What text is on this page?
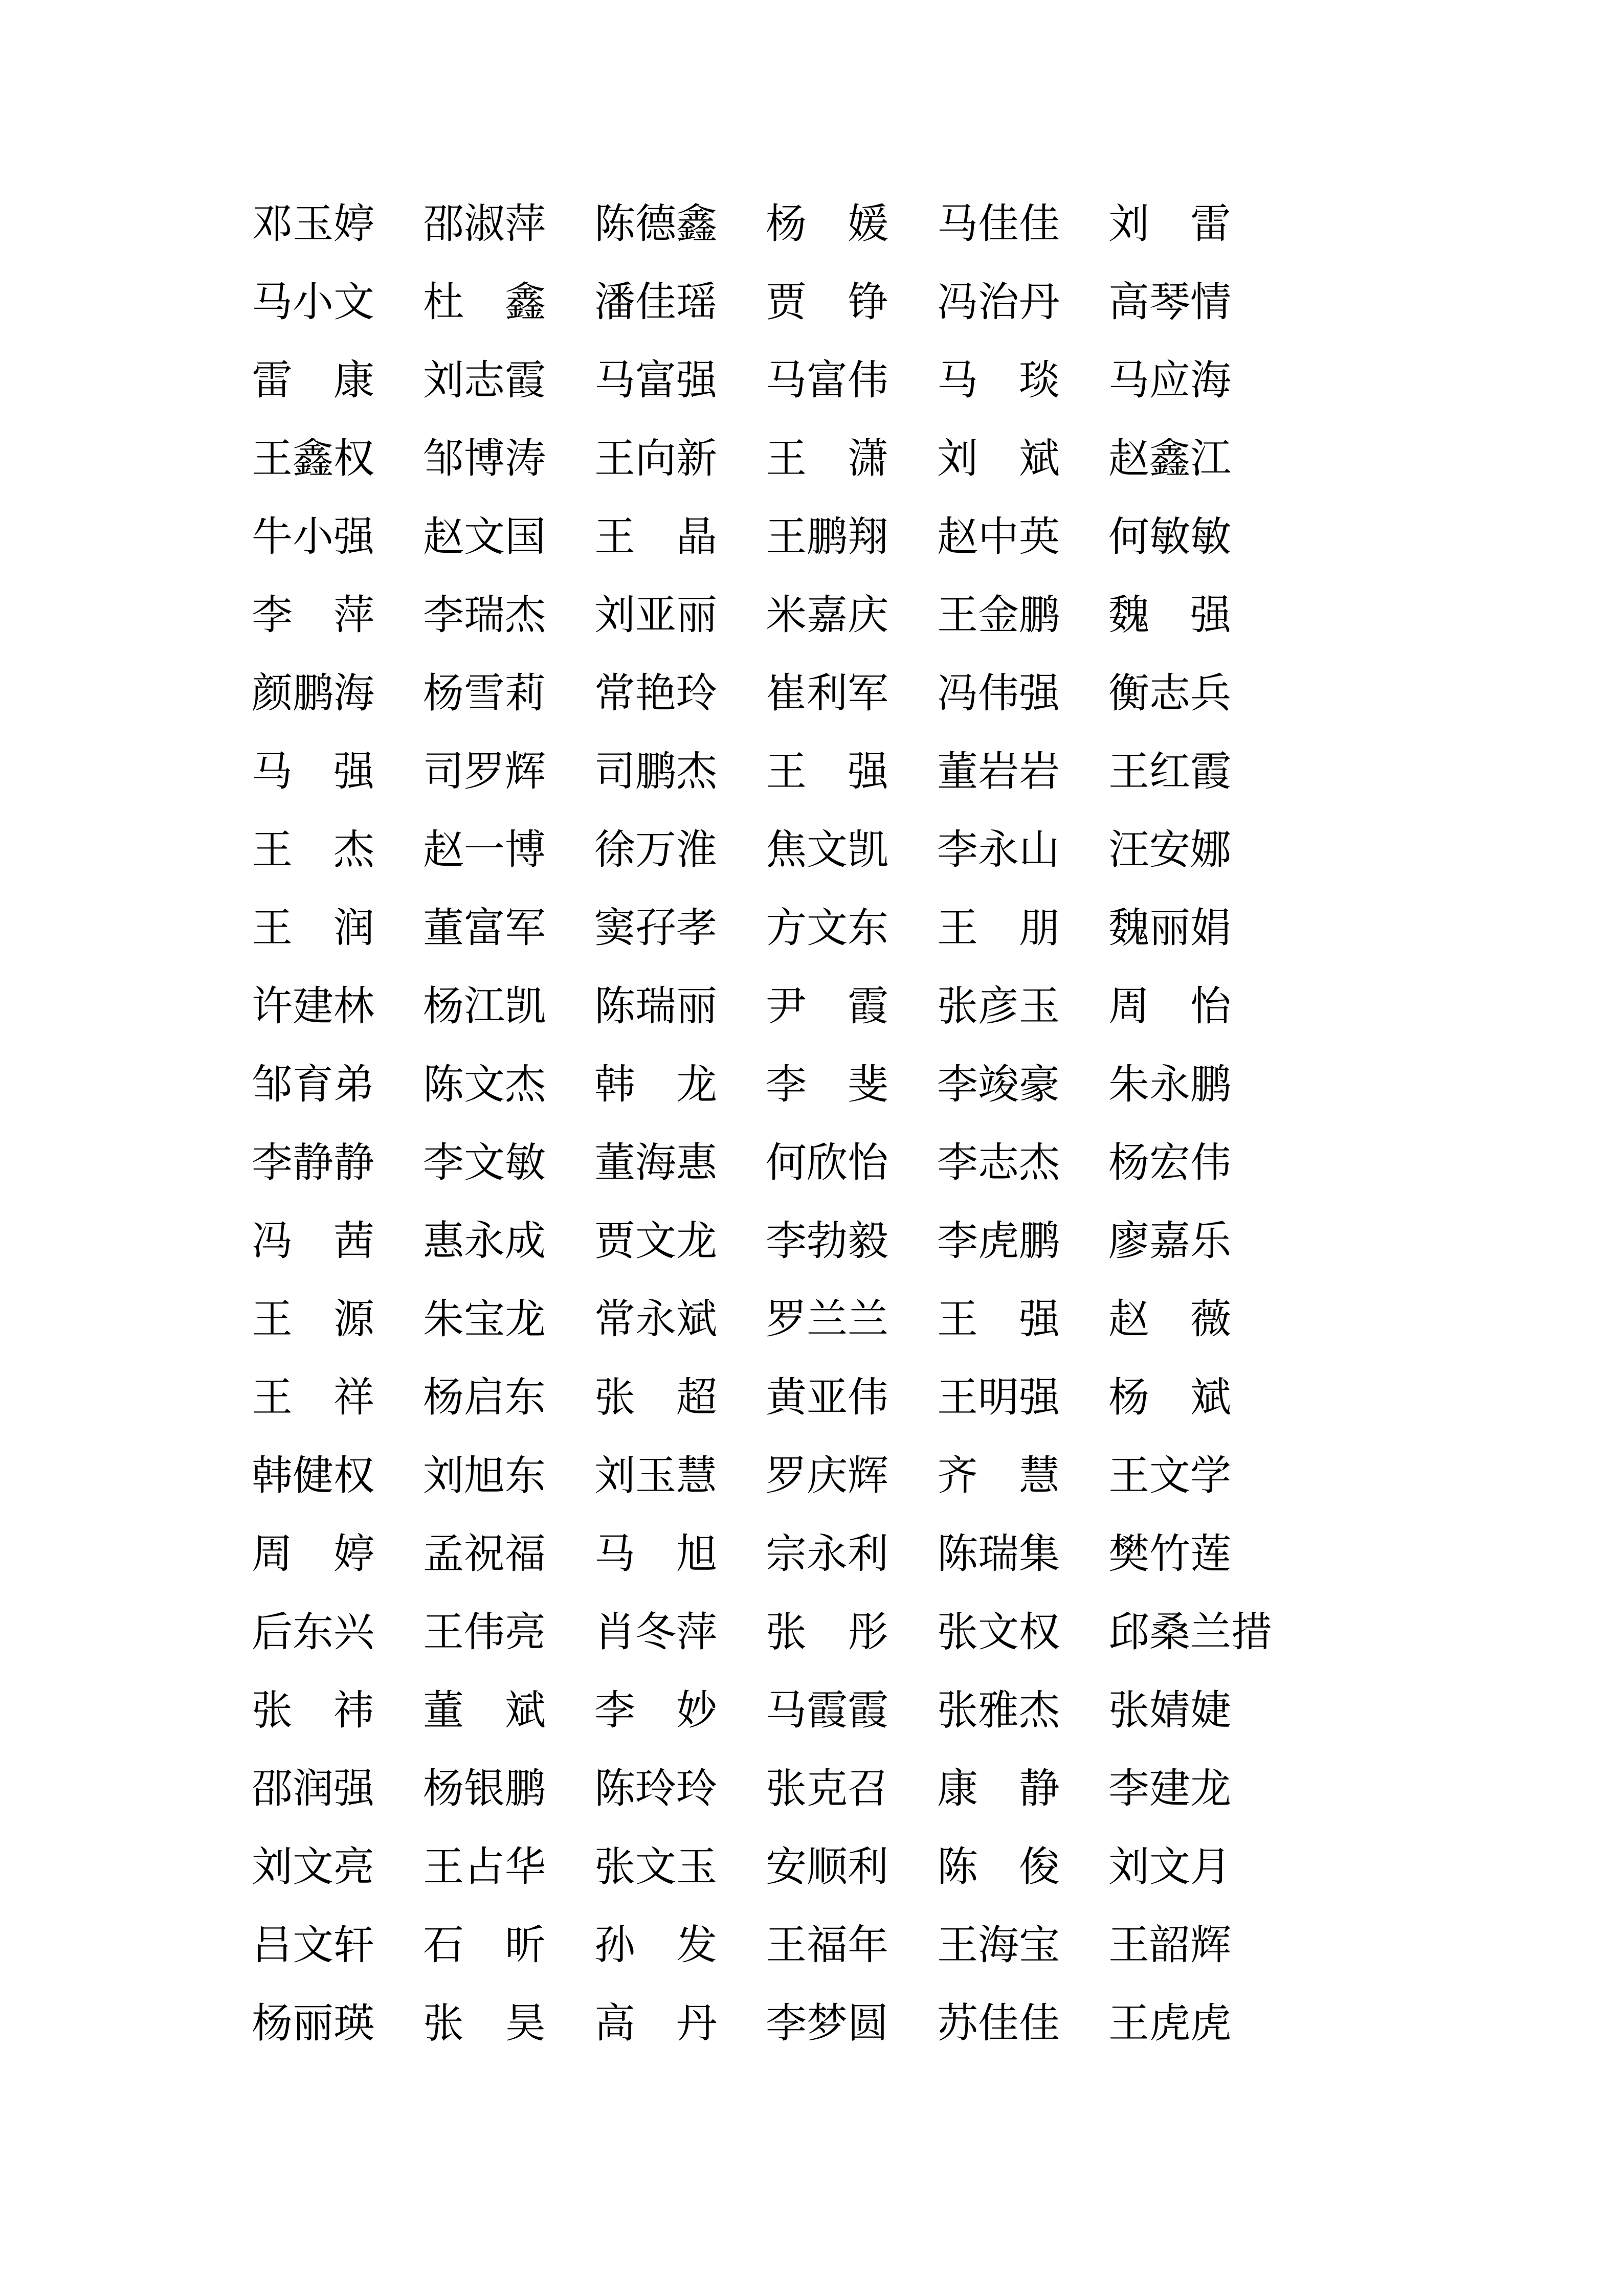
邓 玉 婷 邵 淑 萍 陈 德 鑫 杨 媛 马 佳 佳 刘 雷
马 小 文 杜 鑫 潘 佳 瑶 贾 铮 冯 治 丹 高 琴 情
雷 康 刘 志 霞 马 富 强 马 富 伟 马 琰 马 应 海
王 鑫 权 邹 博 涛 王 向 新 王 潇 刘 斌 赵 鑫 江
牛 小 强 赵 文 国 王 晶 王 鹏 翔 赵 中 英 何 敏 敏
李 萍 李 瑞 杰 刘 亚 丽 米 嘉 庆 王 金 鹏 魏 强
颜 鹏 海 杨 雪 莉 常 艳 玲 崔 利 军 冯 伟 强 衡 志 兵
马 强 司 罗 辉 司 鹏 杰 王 强 董 岩 岩 王 红 霞
王 杰 赵 一 博 徐 万 淮 焦 文 凯 李 永 山 汪 安 娜
王 润 董 富 军 窦 孖 孝 方 文 东 王 朋 魏 丽 娟
许 建 林 杨 江 凯 陈 瑞 丽 尹 霞 张 彦 玉 周 怡
邹 育 弟 陈 文 杰 韩 龙 李 斐 李 竣 豪 朱 永 鹏
李 静 静 李 文 敏 董 海 惠 何 欣 怡 李 志 杰 杨 宏 伟
冯 茜 惠 永 成 贾 文 龙 李 勃 毅 李 虎 鹏 廖 嘉 乐
王 源 朱 宝 龙 常 永 斌 罗 兰 兰 王 强 赵 薇
王 祥 杨 启 东 张 超 黄 亚 伟 王 明 强 杨 斌
韩 健 权 刘 旭 东 刘 玉 慧 罗 庆 辉 齐 慧 王 文 学
周 婷 孟 祝 福 马 旭 宗 永 利 陈 瑞 集 樊 竹 莲
后 东 兴 王 伟 亮 肖 冬 萍 张 彤 张 文 权 邱 桑 兰 措
张 祎 董 斌 李 妙 马 霞 霞 张 雅 杰 张 婧 婕
邵 润 强 杨 银 鹏 陈 玲 玲 张 克 召 康 静 李 建 龙
刘 文 亮 王 占 华 张 文 玉 安 顺 利 陈 俊 刘 文 月
吕 文 轩 石 昕 孙 发 王 福 年 王 海 宝 王 韶 辉
杨 丽 瑛 张 昊 高 丹 李 梦 圆 苏 佳 佳 王 虎 虎
